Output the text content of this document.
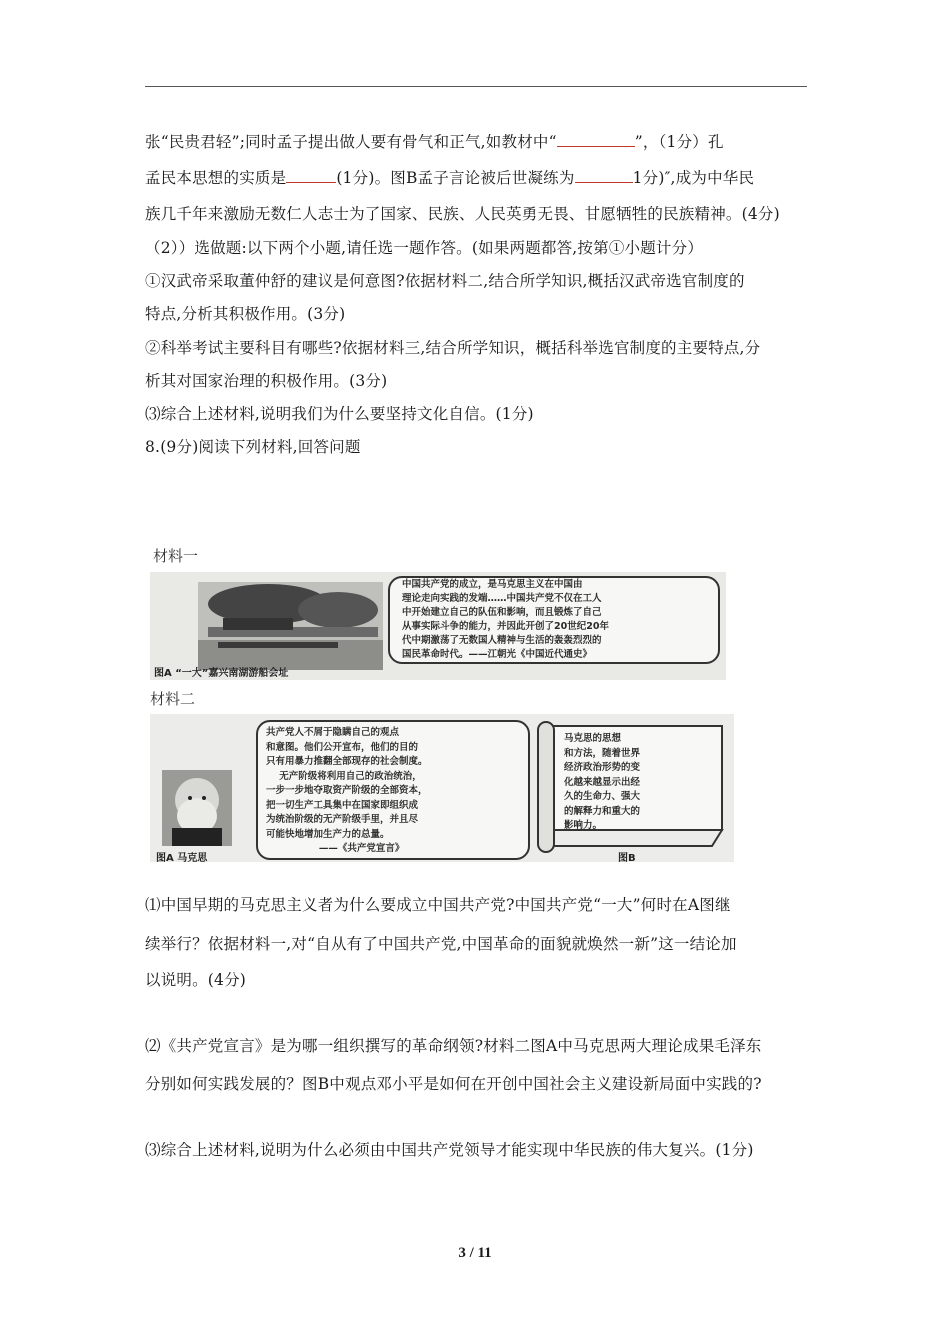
张“民贵君轻”;同时孟子提出做人要有骨气和正气,如教材中“	”，（1分）孔
孟民本思想的实质是	(1分)。图B孟子言论被后世凝练为	1分)″,成为中华民
族几千年来激励无数仁人志士为了国家、民族、人民英勇无畏、甘愿牺牲的民族精神。(4分)
（2））选做题:以下两个小题,请任选一题作答。(如果两题都答,按第①小题计分）
①汉武帝采取董仲舒的建议是何意图?依据材料二,结合所学知识,概括汉武帝选官制度的
特点,分析其积极作用。(3分)
②科举考试主要科目有哪些?依据材料三,结合所学知识，概括科举选官制度的主要特点,分
析其对国家治理的积极作用。(3分)
⑶综合上述材料,说明我们为什么要坚持文化自信。(1分)
8.(9分)阅读下列材料,回答问题
材料一
中国共产党的成立，是马克思主义在中国由
理论走向实践的发端……中国共产党不仅在工人
中开始建立自己的队伍和影响，而且锻炼了自己
从事实际斗争的能力，并因此开创了20世纪20年
代中期激荡了无数国人精神与生活的轰轰烈烈的
国民革命时代。——江朝光《中国近代通史》
图A “一大”嘉兴南湖游船会址
材料二
共产党人不屑于隐瞒自己的观点
和意图。他们公开宣布，他们的目的
只有用暴力推翻全部现存的社会制度。
无产阶级将利用自己的政治统治，
一步一步地夺取资产阶级的全部资本，
把一切生产工具集中在国家即组织成
为统治阶级的无产阶级手里，并且尽
可能快地增加生产力的总量。
——《共产党宣言》
马克思的思想
和方法，随着世界
经济政治形势的变
化越来越显示出经
久的生命力、强大
的解释力和重大的
影响力。
图A 马克思	图B
⑴中国早期的马克思主义者为什么要成立中国共产党?中国共产党“一大”何时在A图继
续举行？依据材料一,对“自从有了中国共产党,中国革命的面貌就焕然一新”这一结论加
以说明。(4分)
⑵《共产党宣言》是为哪一组织撰写的革命纲领?材料二图A中马克思两大理论成果毛泽东
分别如何实践发展的？图B中观点邓小平是如何在开创中国社会主义建设新局面中实践的?
⑶综合上述材料,说明为什么必须由中国共产党领导才能实现中华民族的伟大复兴。(1分)
3 / 11
